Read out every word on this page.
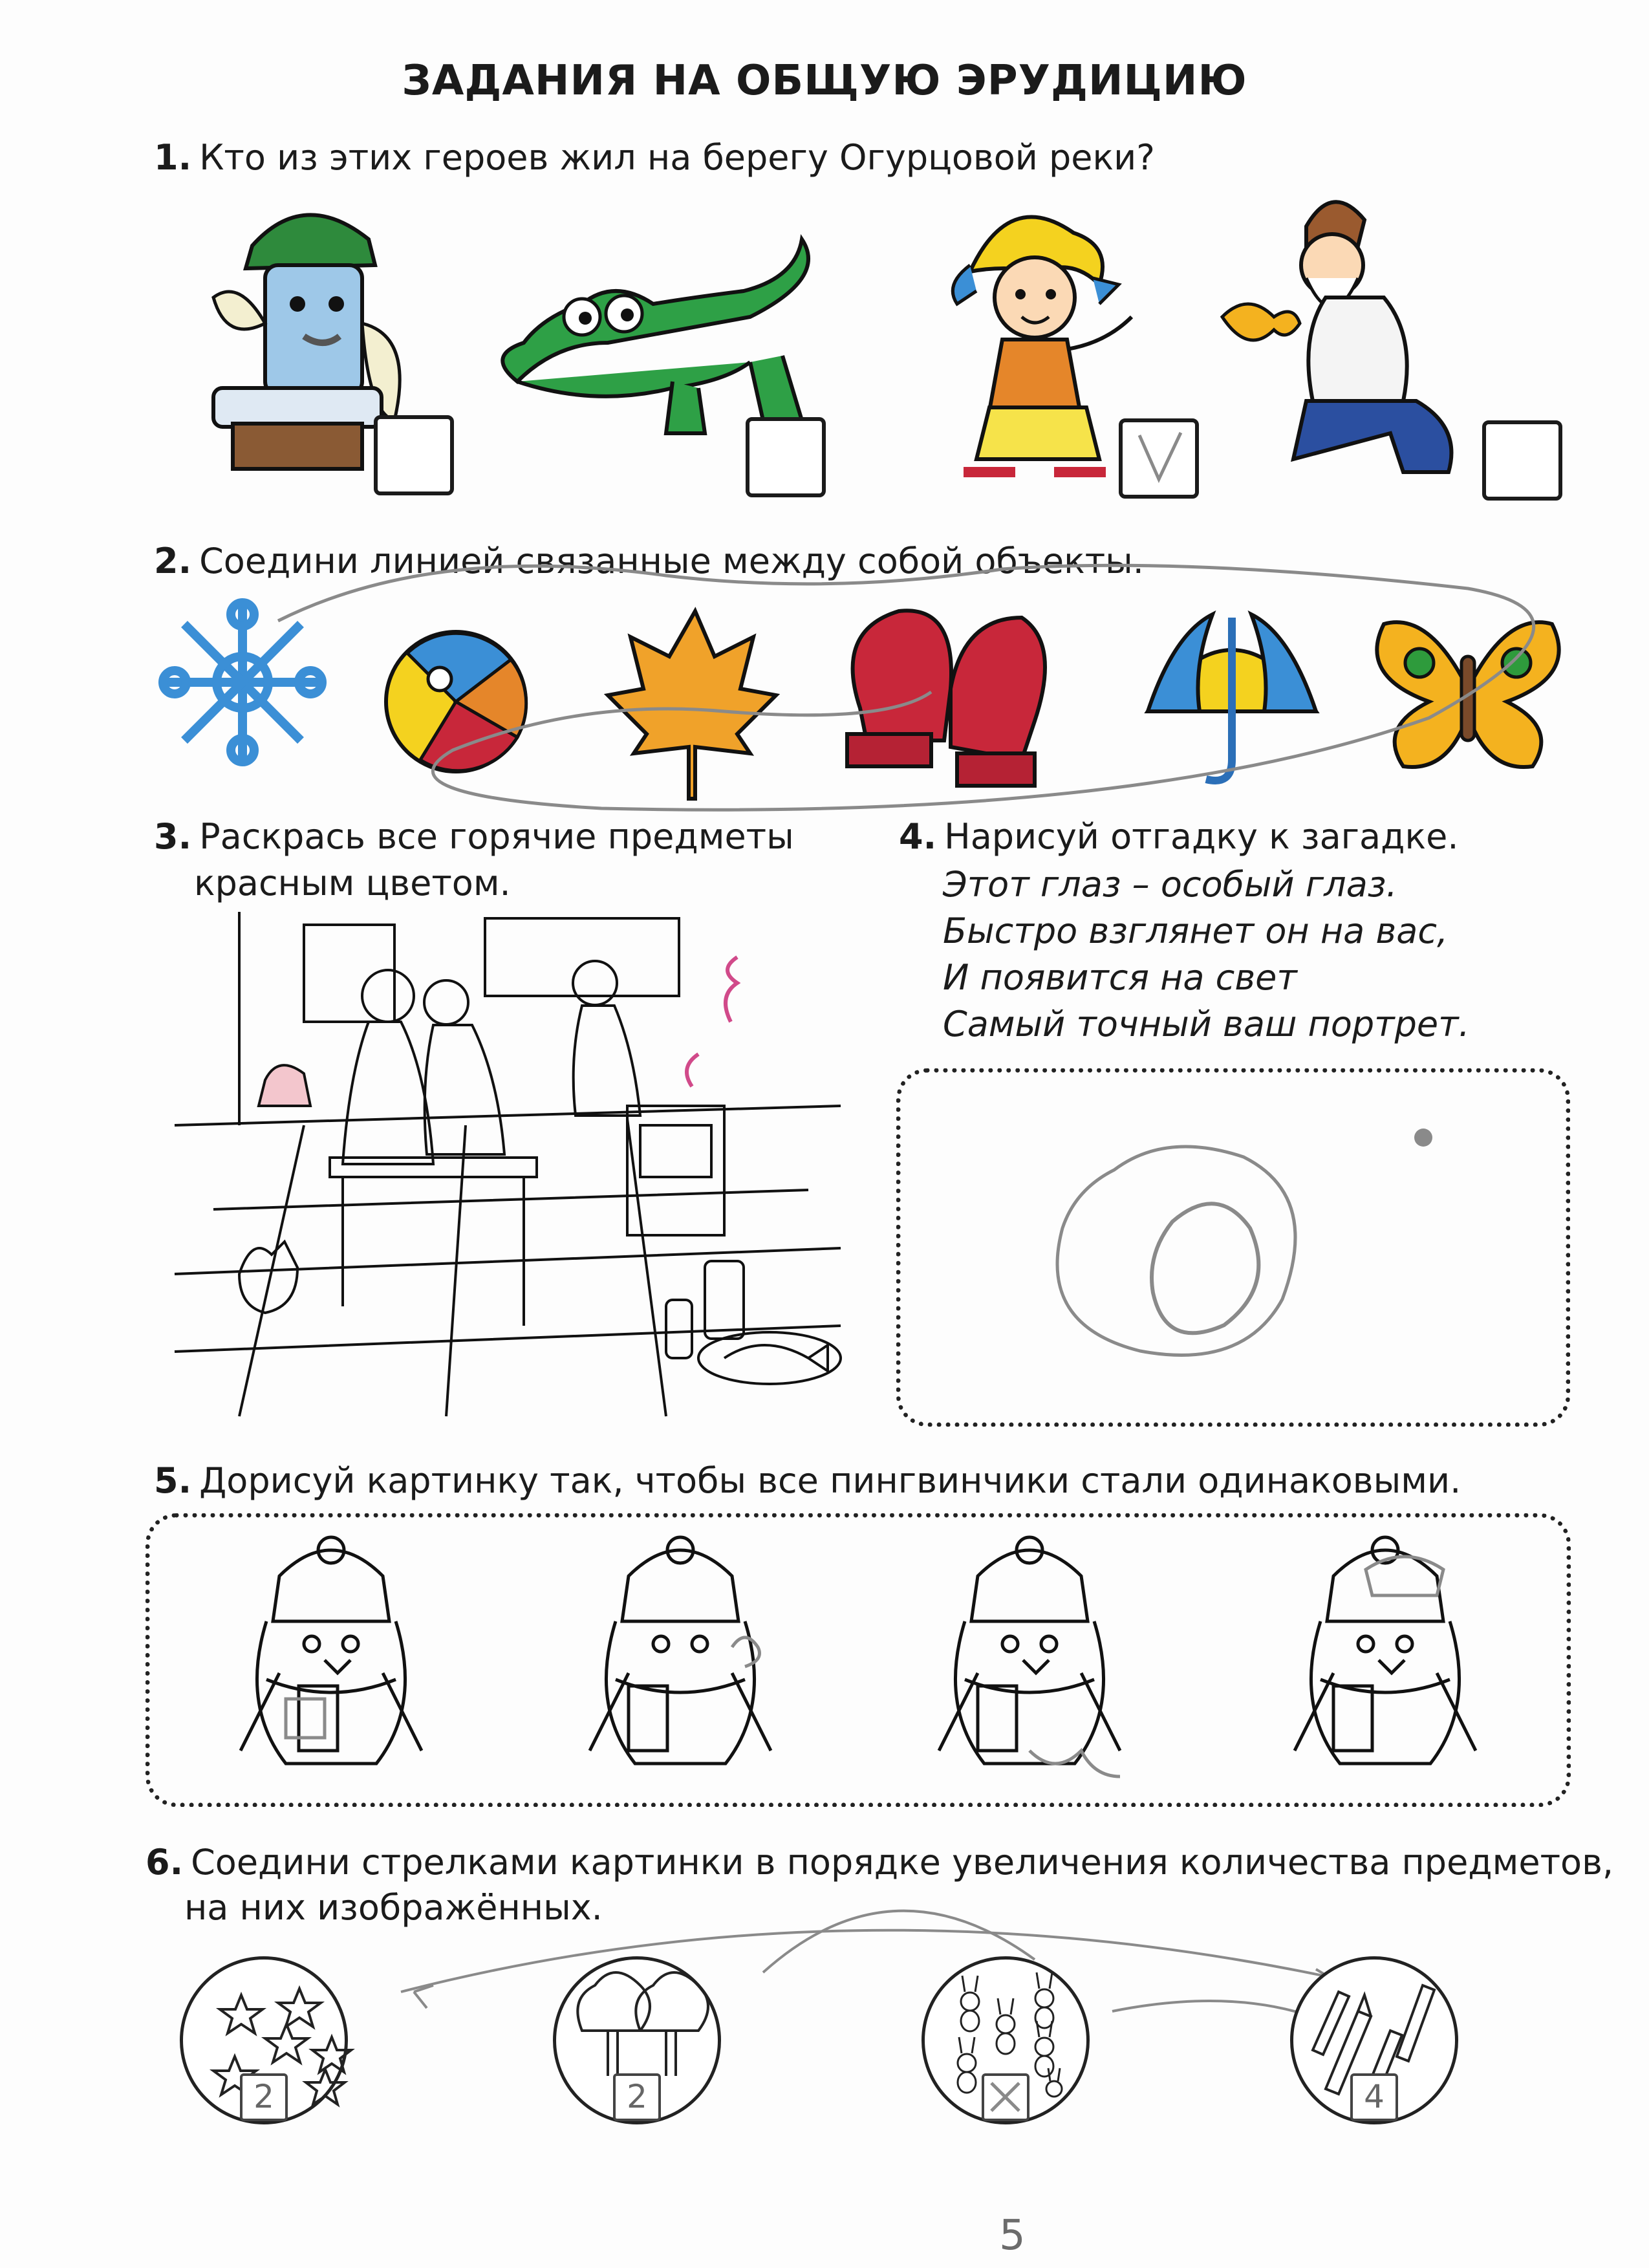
ЗАДАНИЯ НА ОБЩУЮ ЭРУДИЦИЮ
1. Кто из этих героев жил на берегу Огурцовой реки?
2. Соедини линией связанные между собой объекты.
3. Раскрась все горячие предметы
красным цветом.
4. Нарисуй отгадку к загадке.
Этот глаз – особый глаз.
Быстро взглянет он на вас,
И появится на свет
Самый точный ваш портрет.
5. Дорисуй картинку так, чтобы все пингвинчики стали одинаковыми.
6. Соедини стрелками картинки в порядке увеличения количества предметов,
на них изображённых.
2	2	4
5
